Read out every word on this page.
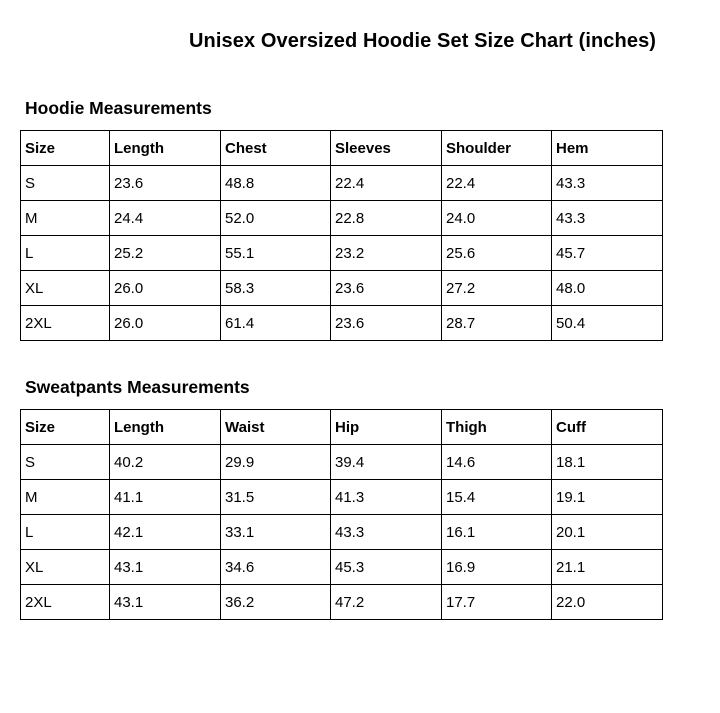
Unisex Oversized Hoodie Set Size Chart (inches)
Hoodie Measurements
Size	Length	Chest	Sleeves	Shoulder	Hem
S	23.6	48.8	22.4	22.4	43.3
M	24.4	52.0	22.8	24.0	43.3
L	25.2	55.1	23.2	25.6	45.7
XL	26.0	58.3	23.6	27.2	48.0
2XL	26.0	61.4	23.6	28.7	50.4
Sweatpants Measurements
Size	Length	Waist	Hip	Thigh	Cuff
S	40.2	29.9	39.4	14.6	18.1
M	41.1	31.5	41.3	15.4	19.1
L	42.1	33.1	43.3	16.1	20.1
XL	43.1	34.6	45.3	16.9	21.1
2XL	43.1	36.2	47.2	17.7	22.0
